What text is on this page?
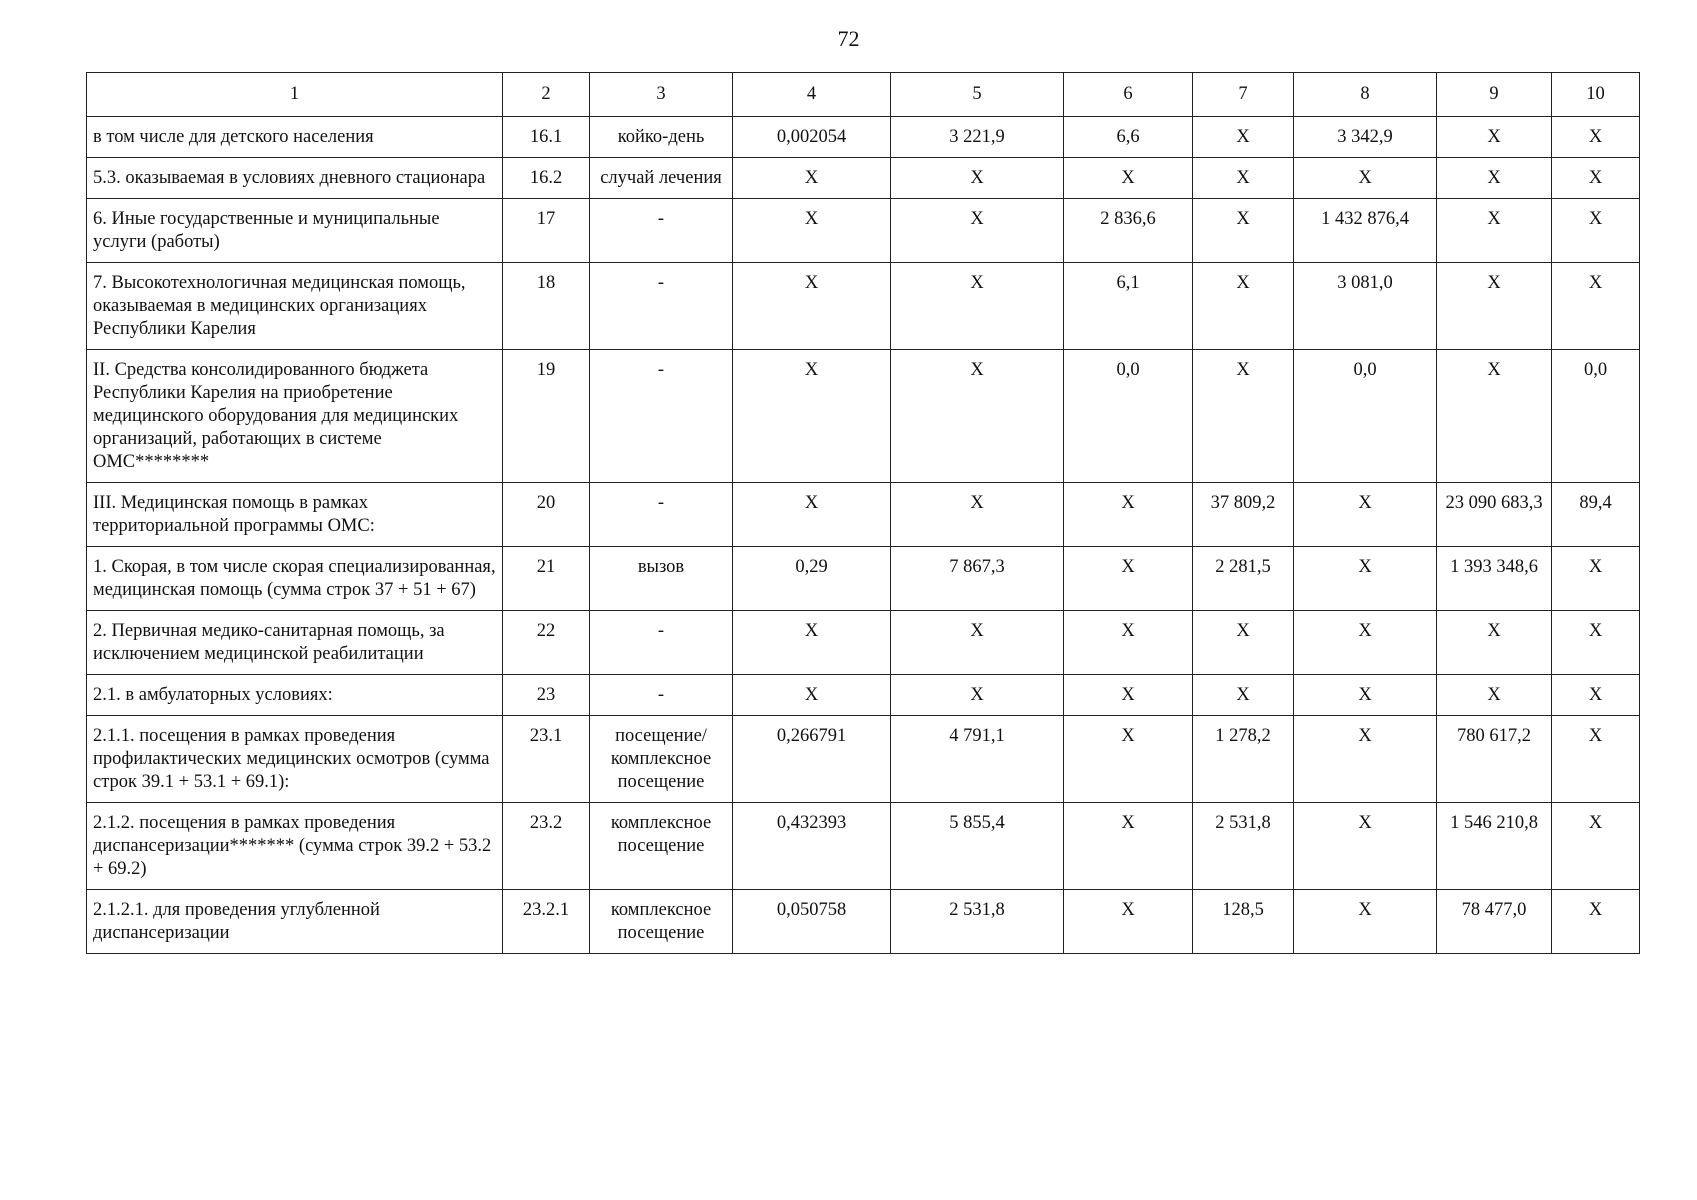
72
1	2	3	4	5	6	7	8	9	10
в том числе для детского населения	16.1	койко-день	0,002054	3 221,9	6,6	Х	3 342,9	Х	Х
5.3. оказываемая в условиях дневного стационара	16.2	случай лечения	Х	Х	Х	Х	Х	Х	Х
6. Иные государственные и муниципальные услуги (работы)	17	-	Х	Х	2 836,6	Х	1 432 876,4	Х	Х
7. Высокотехнологичная медицинская помощь, оказываемая в медицинских организациях Республики Карелия	18	-	Х	Х	6,1	Х	3 081,0	Х	Х
II. Средства консолидированного бюджета Республики Карелия на приобретение медицинского оборудования для медицинских организаций, работающих в системе ОМС********	19	-	Х	Х	0,0	Х	0,0	Х	0,0
III. Медицинская помощь в рамках территориальной программы ОМС:	20	-	Х	Х	Х	37 809,2	Х	23 090 683,3	89,4
1. Скорая, в том числе скорая специализированная, медицинская помощь (сумма строк 37 + 51 + 67)	21	вызов	0,29	7 867,3	Х	2 281,5	Х	1 393 348,6	Х
2. Первичная медико-санитарная помощь, за исключением медицинской реабилитации	22	-	Х	Х	Х	Х	Х	Х	Х
2.1. в амбулаторных условиях:	23	-	Х	Х	Х	Х	Х	Х	Х
2.1.1. посещения в рамках проведения профилактических медицинских осмотров (сумма строк 39.1 + 53.1 + 69.1):	23.1	посещение/ комплексное посещение	0,266791	4 791,1	Х	1 278,2	Х	780 617,2	Х
2.1.2. посещения в рамках проведения диспансеризации******* (сумма строк 39.2 + 53.2 + 69.2)	23.2	комплексное посещение	0,432393	5 855,4	Х	2 531,8	Х	1 546 210,8	Х
2.1.2.1. для проведения углубленной диспансеризации	23.2.1	комплексное посещение	0,050758	2 531,8	Х	128,5	Х	78 477,0	Х
